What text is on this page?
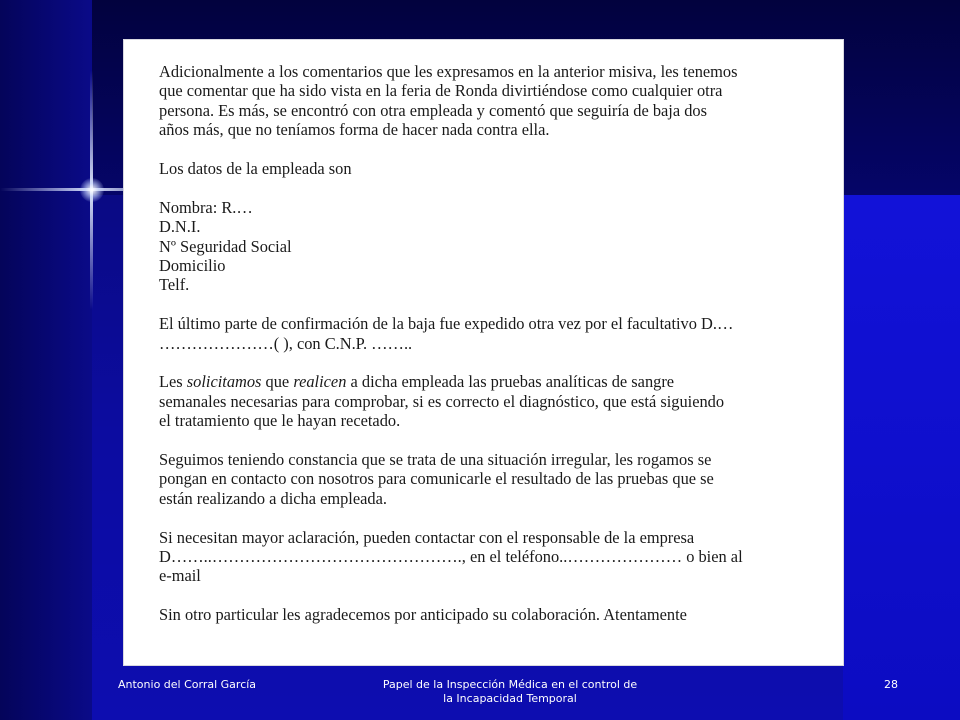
Adicionalmente a los comentarios que les expresamos en la anterior misiva, les tenemos

que comentar que ha sido vista en la feria de Ronda divirtiéndose como cualquier otra

persona. Es más, se encontró con otra empleada y comentó que seguiría de baja dos

años más, que no teníamos forma de hacer nada contra ella.

Los datos de la empleada son

Nombra: R.…

D.N.I.

Nº Seguridad Social

Domicilio

Telf.

El último parte de confirmación de la baja fue expedido otra vez por el facultativo D.…

…………………( ), con C.N.P. ……..

Les solicitamos que realicen a dicha empleada las pruebas analíticas de sangre

semanales necesarias para comprobar, si es correcto el diagnóstico, que está siguiendo

el tratamiento que le hayan recetado.

Seguimos teniendo constancia que se trata de una situación irregular, les rogamos se

pongan en contacto con nosotros para comunicarle el resultado de las pruebas que se

están realizando a dicha empleada.

Si necesitan mayor aclaración, pueden contactar con el responsable de la empresa

D……..………………………………………., en el teléfono..………………… o bien al

e-mail

Sin otro particular les agradecemos por anticipado su colaboración. Atentamente

Antonio del Corral García	Papel de la Inspección Médica en el control de
la Incapacidad Temporal
28
